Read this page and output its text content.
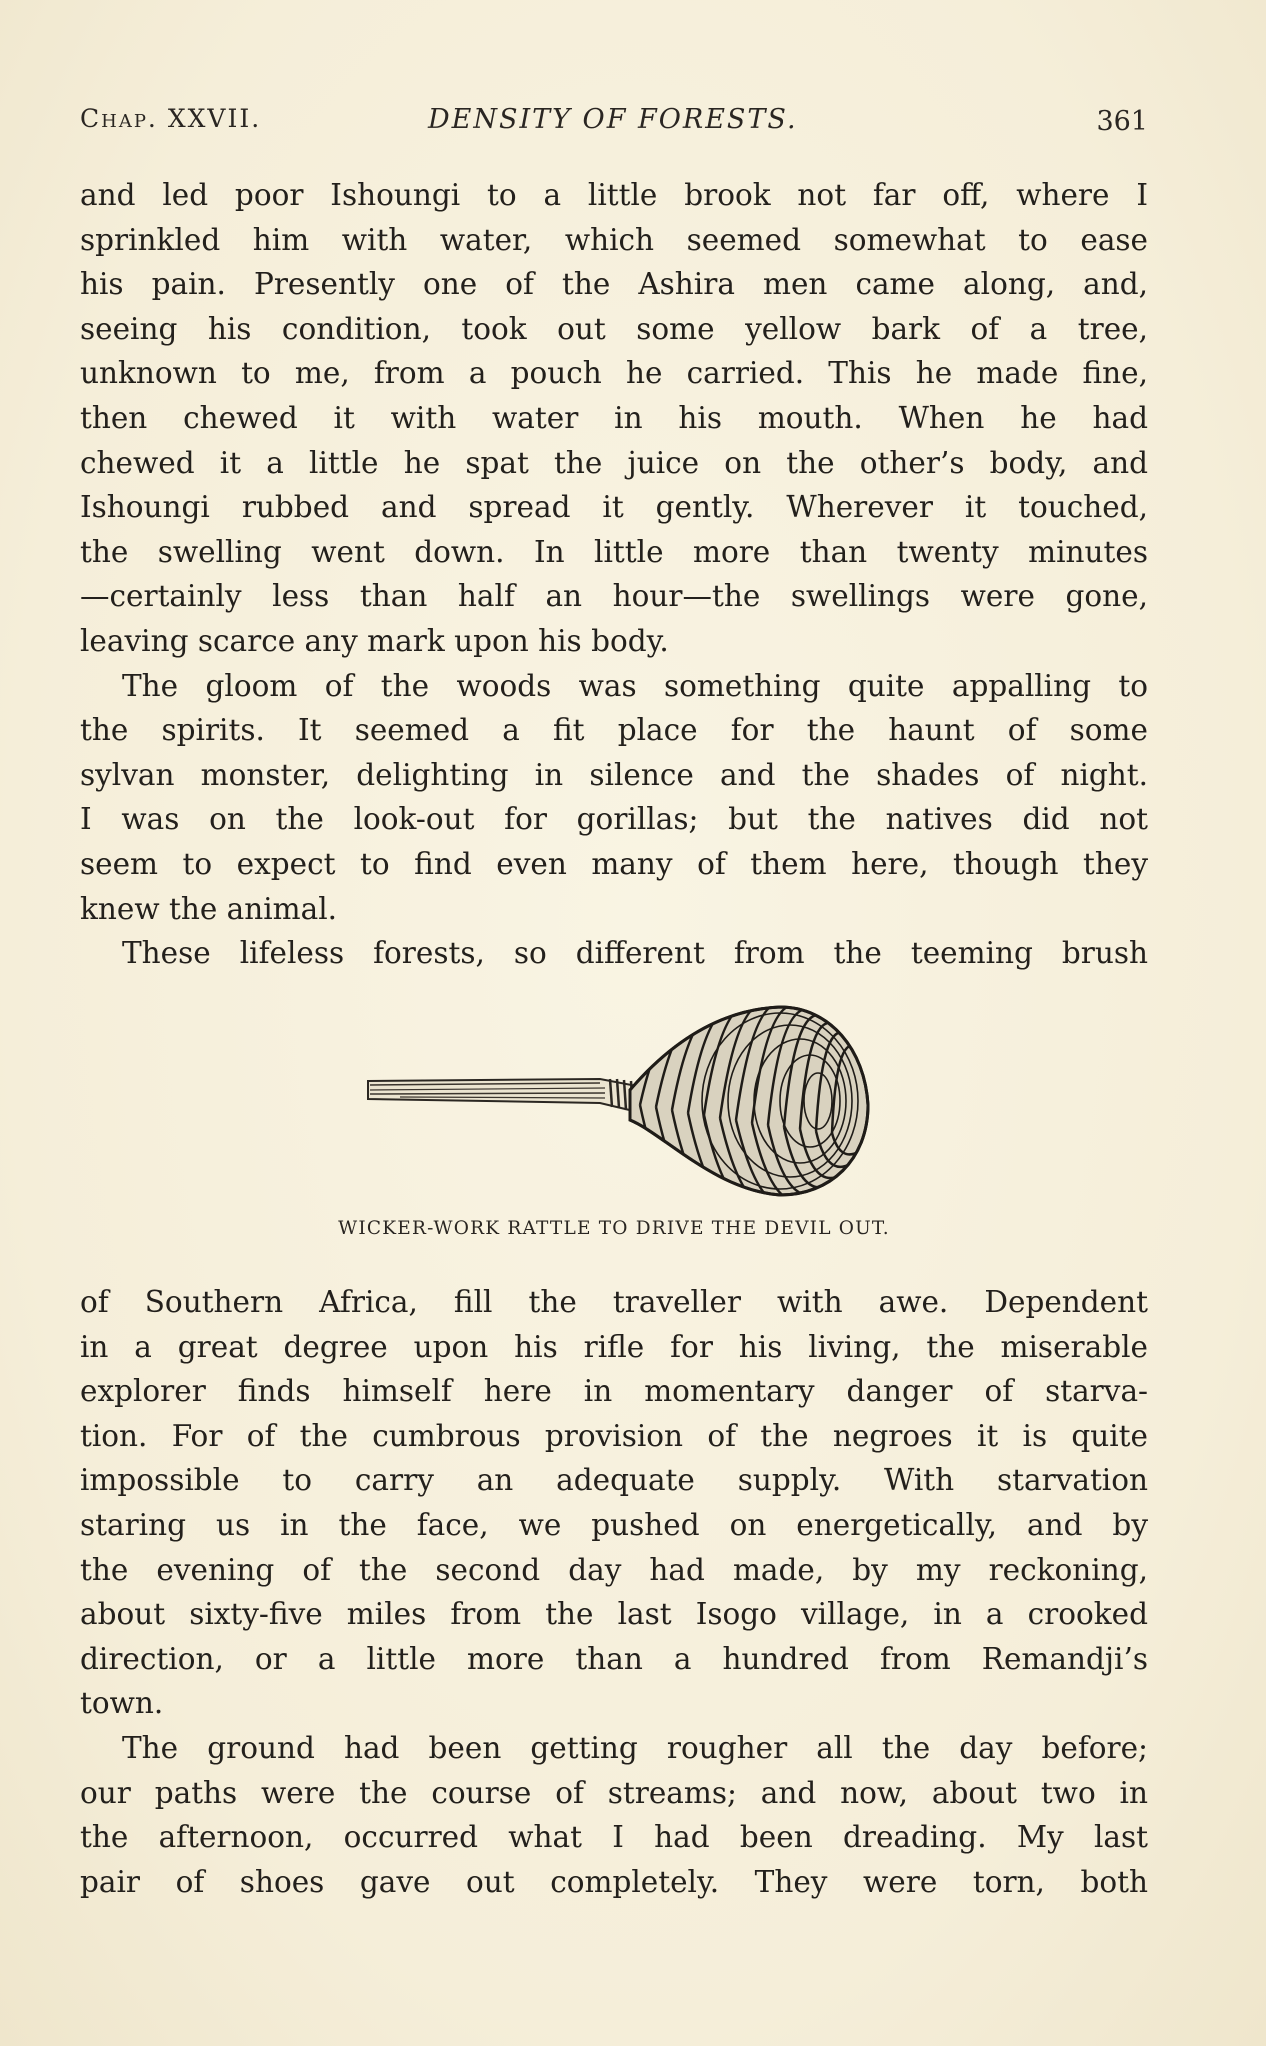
Chap. XXVII.	DENSITY OF FORESTS.	361
and led poor Ishoungi to a little brook not far off, where I
sprinkled him with water, which seemed somewhat to ease
his pain. Presently one of the Ashira men came along, and,
seeing his condition, took out some yellow bark of a tree,
unknown to me, from a pouch he carried. This he made fine,
then chewed it with water in his mouth. When he had
chewed it a little he spat the juice on the other’s body, and
Ishoungi rubbed and spread it gently. Wherever it touched,
the swelling went down. In little more than twenty minutes
—certainly less than half an hour—the swellings were gone,
leaving scarce any mark upon his body.
The gloom of the woods was something quite appalling to
the spirits. It seemed a fit place for the haunt of some
sylvan monster, delighting in silence and the shades of night.
I was on the look-out for gorillas; but the natives did not
seem to expect to find even many of them here, though they
knew the animal.
These lifeless forests, so different from the teeming brush
WICKER-WORK RATTLE TO DRIVE THE DEVIL OUT.
of Southern Africa, fill the traveller with awe. Dependent
in a great degree upon his rifle for his living, the miserable
explorer finds himself here in momentary danger of starva-
tion. For of the cumbrous provision of the negroes it is quite
impossible to carry an adequate supply. With starvation
staring us in the face, we pushed on energetically, and by
the evening of the second day had made, by my reckoning,
about sixty-five miles from the last Isogo village, in a crooked
direction, or a little more than a hundred from Remandji’s
town.
The ground had been getting rougher all the day before;
our paths were the course of streams; and now, about two in
the afternoon, occurred what I had been dreading. My last
pair of shoes gave out completely. They were torn, both
